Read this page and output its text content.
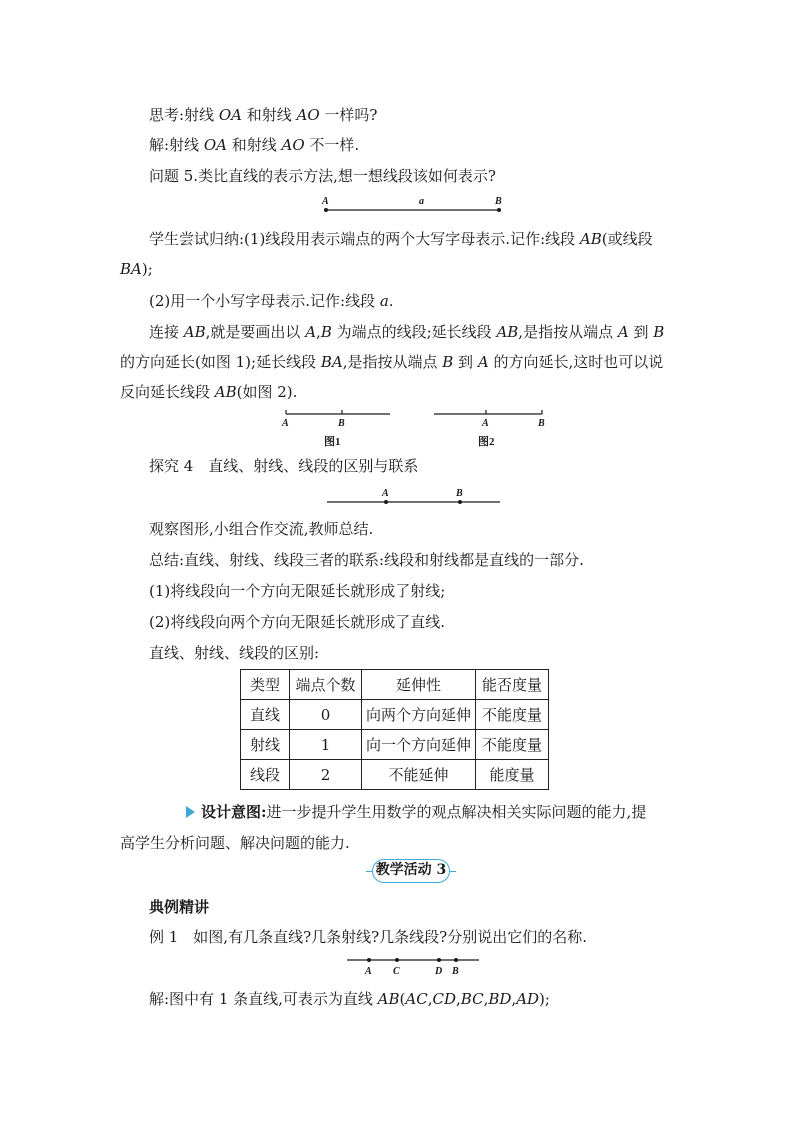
思考:射线 OA 和射线 AO 一样吗?
解:射线 OA 和射线 AO 不一样.
问题 5.类比直线的表示方法,想一想线段该如何表示?
A	a	B
学生尝试归纳:(1)线段用表示端点的两个大写字母表示.记作:线段 AB(或线段
BA);
(2)用一个小写字母表示.记作:线段 a.
连接 AB,就是要画出以 A,B 为端点的线段;延长线段 AB,是指按从端点 A 到 B
的方向延长(如图 1);延长线段 BA,是指按从端点 B 到 A 的方向延长,这时也可以说
反向延长线段 AB(如图 2).
A	B
图1
A	B
图2
探究 4　直线、射线、线段的区别与联系
A	B
观察图形,小组合作交流,教师总结.
总结:直线、射线、线段三者的联系:线段和射线都是直线的一部分.
(1)将线段向一个方向无限延长就形成了射线;
(2)将线段向两个方向无限延长就形成了直线.
直线、射线、线段的区别:
类型	端点个数	延伸性	能否度量
直线	0	向两个方向延伸	不能度量
射线	1	向一个方向延伸	不能度量
线段	2	不能延伸	能度量
设计意图:进一步提升学生用数学的观点解决相关实际问题的能力,提
高学生分析问题、解决问题的能力.
教学活动 3
典例精讲
例 1　如图,有几条直线?几条射线?几条线段?分别说出它们的名称.
A C	D B
解:图中有 1 条直线,可表示为直线 AB(AC,CD,BC,BD,AD);
